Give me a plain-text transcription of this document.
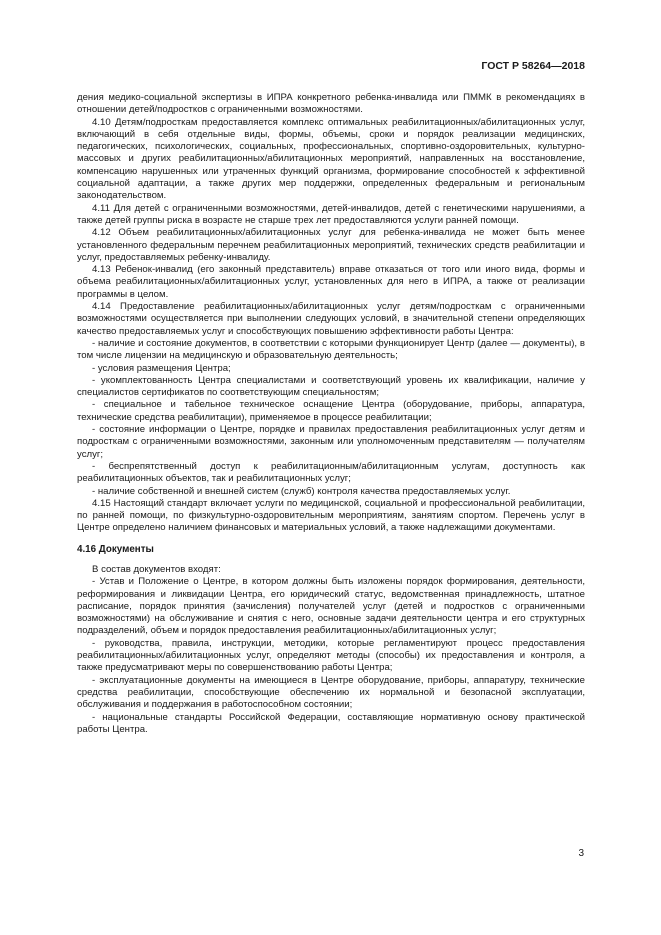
ГОСТ Р 58264—2018

дения медико-социальной экспертизы в ИПРА конкретного ребенка-инвалида или ПММК в рекомендациях в отношении детей/подростков с ограниченными возможностями.

4.10 Детям/подросткам предоставляется комплекс оптимальных реабилитационных/абилитационных услуг, включающий в себя отдельные виды, формы, объемы, сроки и порядок реализации медицинских, педагогических, психологических, социальных, профессиональных, спортивно-оздоровительных, культурно-массовых и других реабилитационных/абилитационных мероприятий, направленных на восстановление, компенсацию нарушенных или утраченных функций организма, формирование способностей к эффективной социальной адаптации, а также других мер поддержки, определенных федеральным и региональным законодательством.

4.11 Для детей с ограниченными возможностями, детей-инвалидов, детей с генетическими нарушениями, а также детей группы риска в возрасте не старше трех лет предоставляются услуги ранней помощи.

4.12 Объем реабилитационных/абилитационных услуг для ребенка-инвалида не может быть менее установленного федеральным перечнем реабилитационных мероприятий, технических средств реабилитации и услуг, предоставляемых ребенку-инвалиду.

4.13 Ребенок-инвалид (его законный представитель) вправе отказаться от того или иного вида, формы и объема реабилитационных/абилитационных услуг, установленных для него в ИПРА, а также от реализации программы в целом.

4.14 Предоставление реабилитационных/абилитационных услуг детям/подросткам с ограниченными возможностями осуществляется при выполнении следующих условий, в значительной степени определяющих качество предоставляемых услуг и способствующих повышению эффективности работы Центра:

- наличие и состояние документов, в соответствии с которыми функционирует Центр (далее — документы), в том числе лицензии на медицинскую и образовательную деятельность;

- условия размещения Центра;

- укомплектованность Центра специалистами и соответствующий уровень их квалификации, наличие у специалистов сертификатов по соответствующим специальностям;

- специальное и табельное техническое оснащение Центра (оборудование, приборы, аппаратура, технические средства реабилитации), применяемое в процессе реабилитации;

- состояние информации о Центре, порядке и правилах предоставления реабилитационных услуг детям и подросткам с ограниченными возможностями, законным или уполномоченным представителям — получателям услуг;

- беспрепятственный доступ к реабилитационным/абилитационным услугам, доступность как реабилитационных объектов, так и реабилитационных услуг;

- наличие собственной и внешней систем (служб) контроля качества предоставляемых услуг.

4.15 Настоящий стандарт включает услуги по медицинской, социальной и профессиональной реабилитации, по ранней помощи, по физкультурно-оздоровительным мероприятиям, занятиям спортом. Перечень услуг в Центре определено наличием финансовых и материальных условий, а также надлежащими документами.

4.16 Документы

В состав документов входят:

- Устав и Положение о Центре, в котором должны быть изложены порядок формирования, деятельности, реформирования и ликвидации Центра, его юридический статус, ведомственная принадлежность, штатное расписание, порядок принятия (зачисления) получателей услуг (детей и подростков с ограниченными возможностями) на обслуживание и снятия с него, основные задачи деятельности центра и его структурных подразделений, объем и порядок предоставления реабилитационных/абилитационных услуг;

- руководства, правила, инструкции, методики, которые регламентируют процесс предоставления реабилитационных/абилитационных услуг, определяют методы (способы) их предоставления и контроля, а также предусматривают меры по совершенствованию работы Центра;

- эксплуатационные документы на имеющиеся в Центре оборудование, приборы, аппаратуру, технические средства реабилитации, способствующие обеспечению их нормальной и безопасной эксплуатации, обслуживания и поддержания в работоспособном состоянии;

- национальные стандарты Российской Федерации, составляющие нормативную основу практической работы Центра.

3
